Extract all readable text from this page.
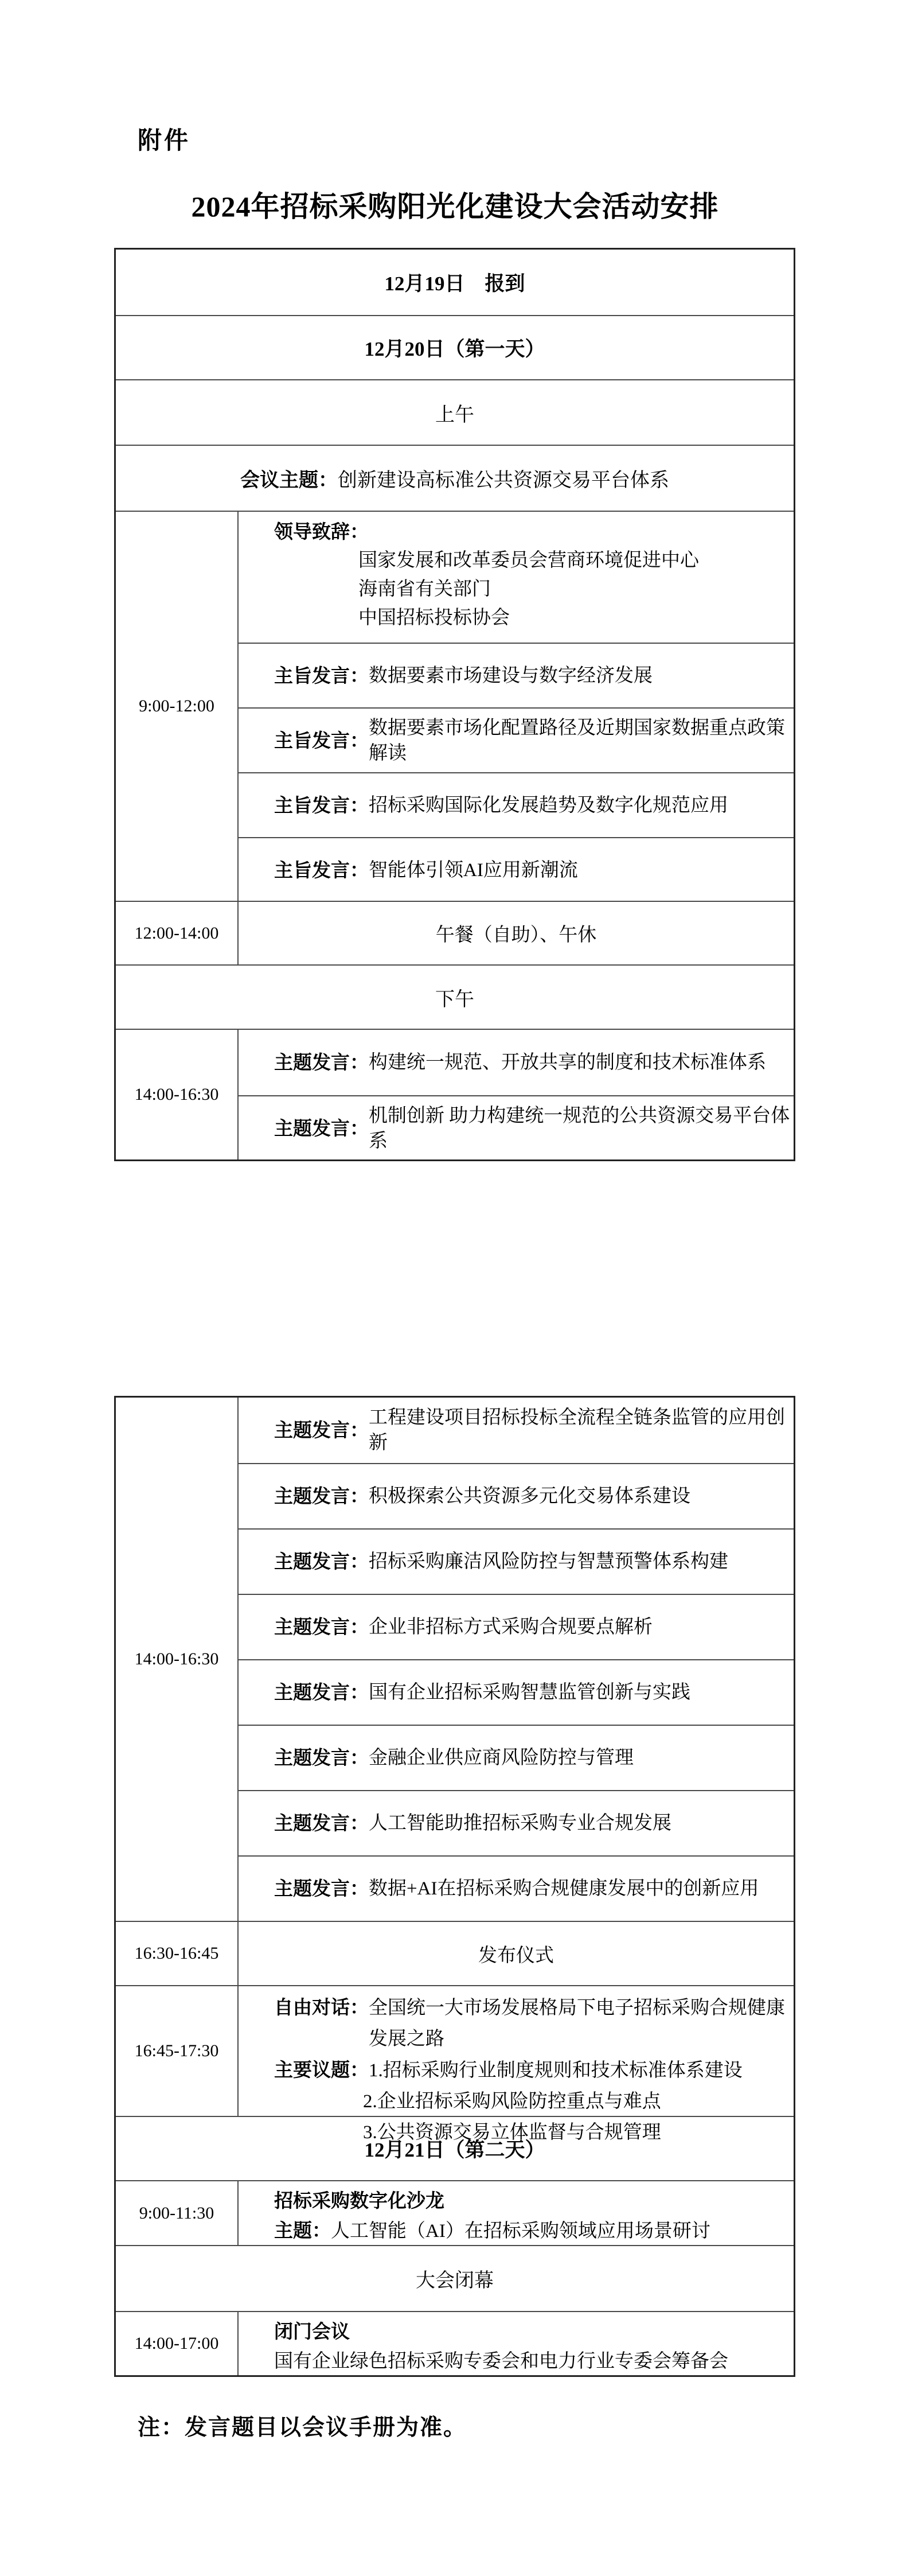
附件
2024年招标采购阳光化建设大会活动安排
12月19日　报到
12月20日（第一天）
上午
会议主题： 创新建设高标准公共资源交易平台体系
9:00-12:00
领导致辞：
国家发展和改革委员会营商环境促进中心
海南省有关部门
中国招标投标协会
主旨发言： 数据要素市场建设与数字经济发展
主旨发言：
数据要素市场化配置路径及近期国家数据重点政策解读
主旨发言： 招标采购国际化发展趋势及数字化规范应用
主旨发言： 智能体引领AI应用新潮流
12:00-14:00	午餐（自助）、午休
下午
14:00-16:30
主题发言： 构建统一规范、开放共享的制度和技术标准体系
主题发言：
机制创新 助力构建统一规范的公共资源交易平台体系
14:00-16:30
主题发言：
工程建设项目招标投标全流程全链条监管的应用创新
主题发言： 积极探索公共资源多元化交易体系建设
主题发言： 招标采购廉洁风险防控与智慧预警体系构建
主题发言： 企业非招标方式采购合规要点解析
主题发言： 国有企业招标采购智慧监管创新与实践
主题发言： 金融企业供应商风险防控与管理
主题发言： 人工智能助推招标采购专业合规发展
主题发言： 数据+AI在招标采购合规健康发展中的创新应用
16:30-16:45	发布仪式
16:45-17:30
自由对话： 全国统一大市场发展格局下电子招标采购合规健康发展之路
主要议题： 1.招标采购行业制度规则和技术标准体系建设
2.企业招标采购风险防控重点与难点
3.公共资源交易立体监督与合规管理
12月21日（第二天）
9:00-11:30
招标采购数字化沙龙
主题： 人工智能（AI）在招标采购领域应用场景研讨
大会闭幕
14:00-17:00
闭门会议
国有企业绿色招标采购专委会和电力行业专委会筹备会
注：发言题目以会议手册为准。
